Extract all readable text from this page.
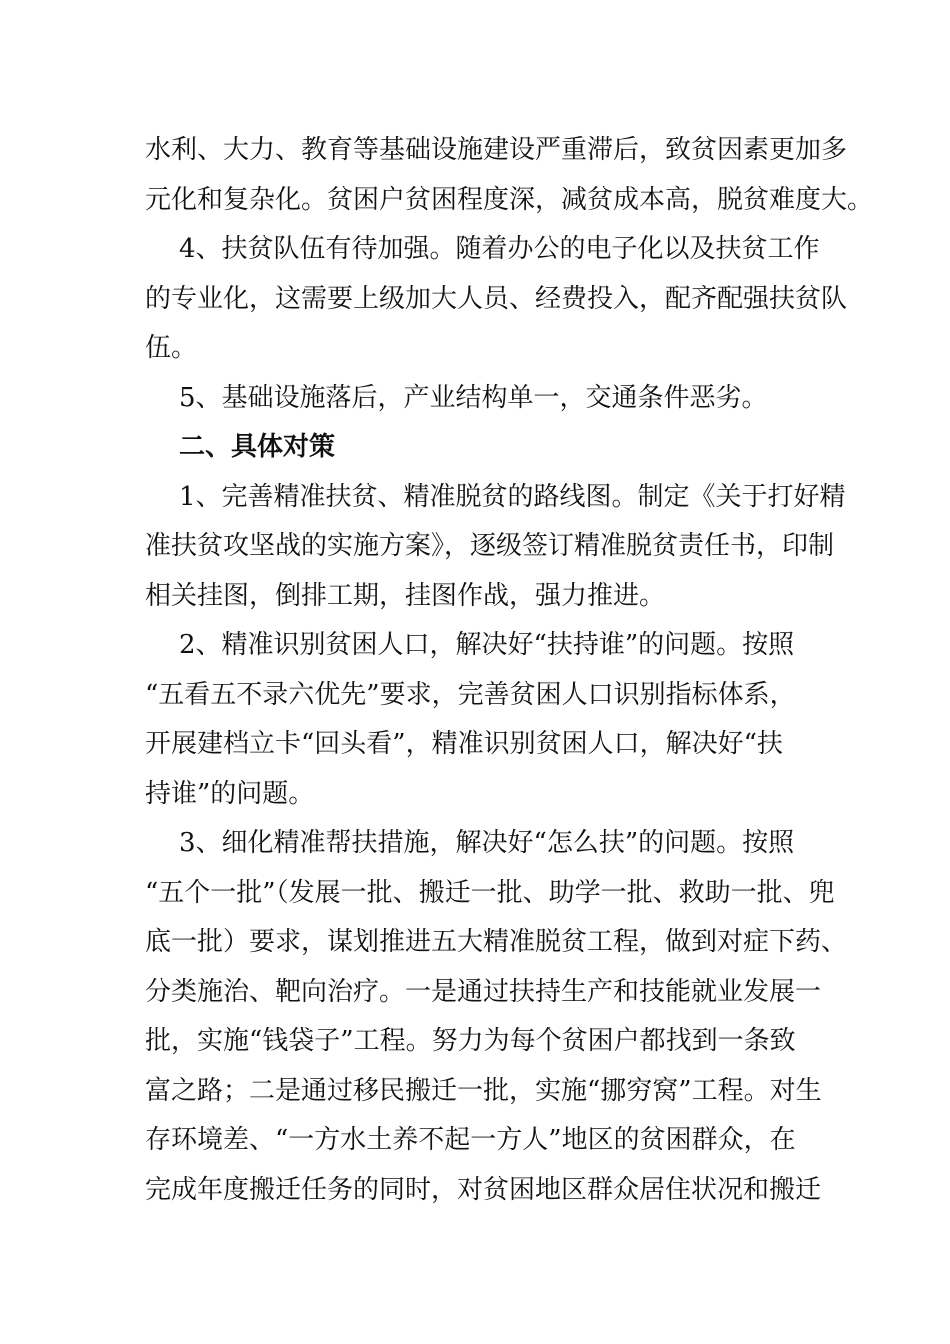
水利、大力、教育等基础设施建设严重滞后，致贫因素更加多
元化和复杂化。贫困户贫困程度深，减贫成本高，脱贫难度大。
4、扶贫队伍有待加强。随着办公的电子化以及扶贫工作
的专业化，这需要上级加大人员、经费投入，配齐配强扶贫队
伍。
5、基础设施落后，产业结构单一，交通条件恶劣。
二、具体对策
1、完善精准扶贫、精准脱贫的路线图。制定《关于打好精
准扶贫攻坚战的实施方案》，逐级签订精准脱贫责任书，印制
相关挂图，倒排工期，挂图作战，强力推进。
2、精准识别贫困人口，解决好“扶持谁”的问题。按照
“五看五不录六优先”要求，完善贫困人口识别指标体系，
开展建档立卡“回头看”，精准识别贫困人口，解决好“扶
持谁”的问题。
3、细化精准帮扶措施，解决好“怎么扶”的问题。按照
“五个一批”（发展一批、搬迁一批、助学一批、救助一批、兜
底一批）要求，谋划推进五大精准脱贫工程，做到对症下药、
分类施治、靶向治疗。一是通过扶持生产和技能就业发展一
批，实施“钱袋子”工程。努力为每个贫困户都找到一条致
富之路；二是通过移民搬迁一批，实施“挪穷窝”工程。对生
存环境差、“一方水土养不起一方人”地区的贫困群众，在
完成年度搬迁任务的同时，对贫困地区群众居住状况和搬迁
